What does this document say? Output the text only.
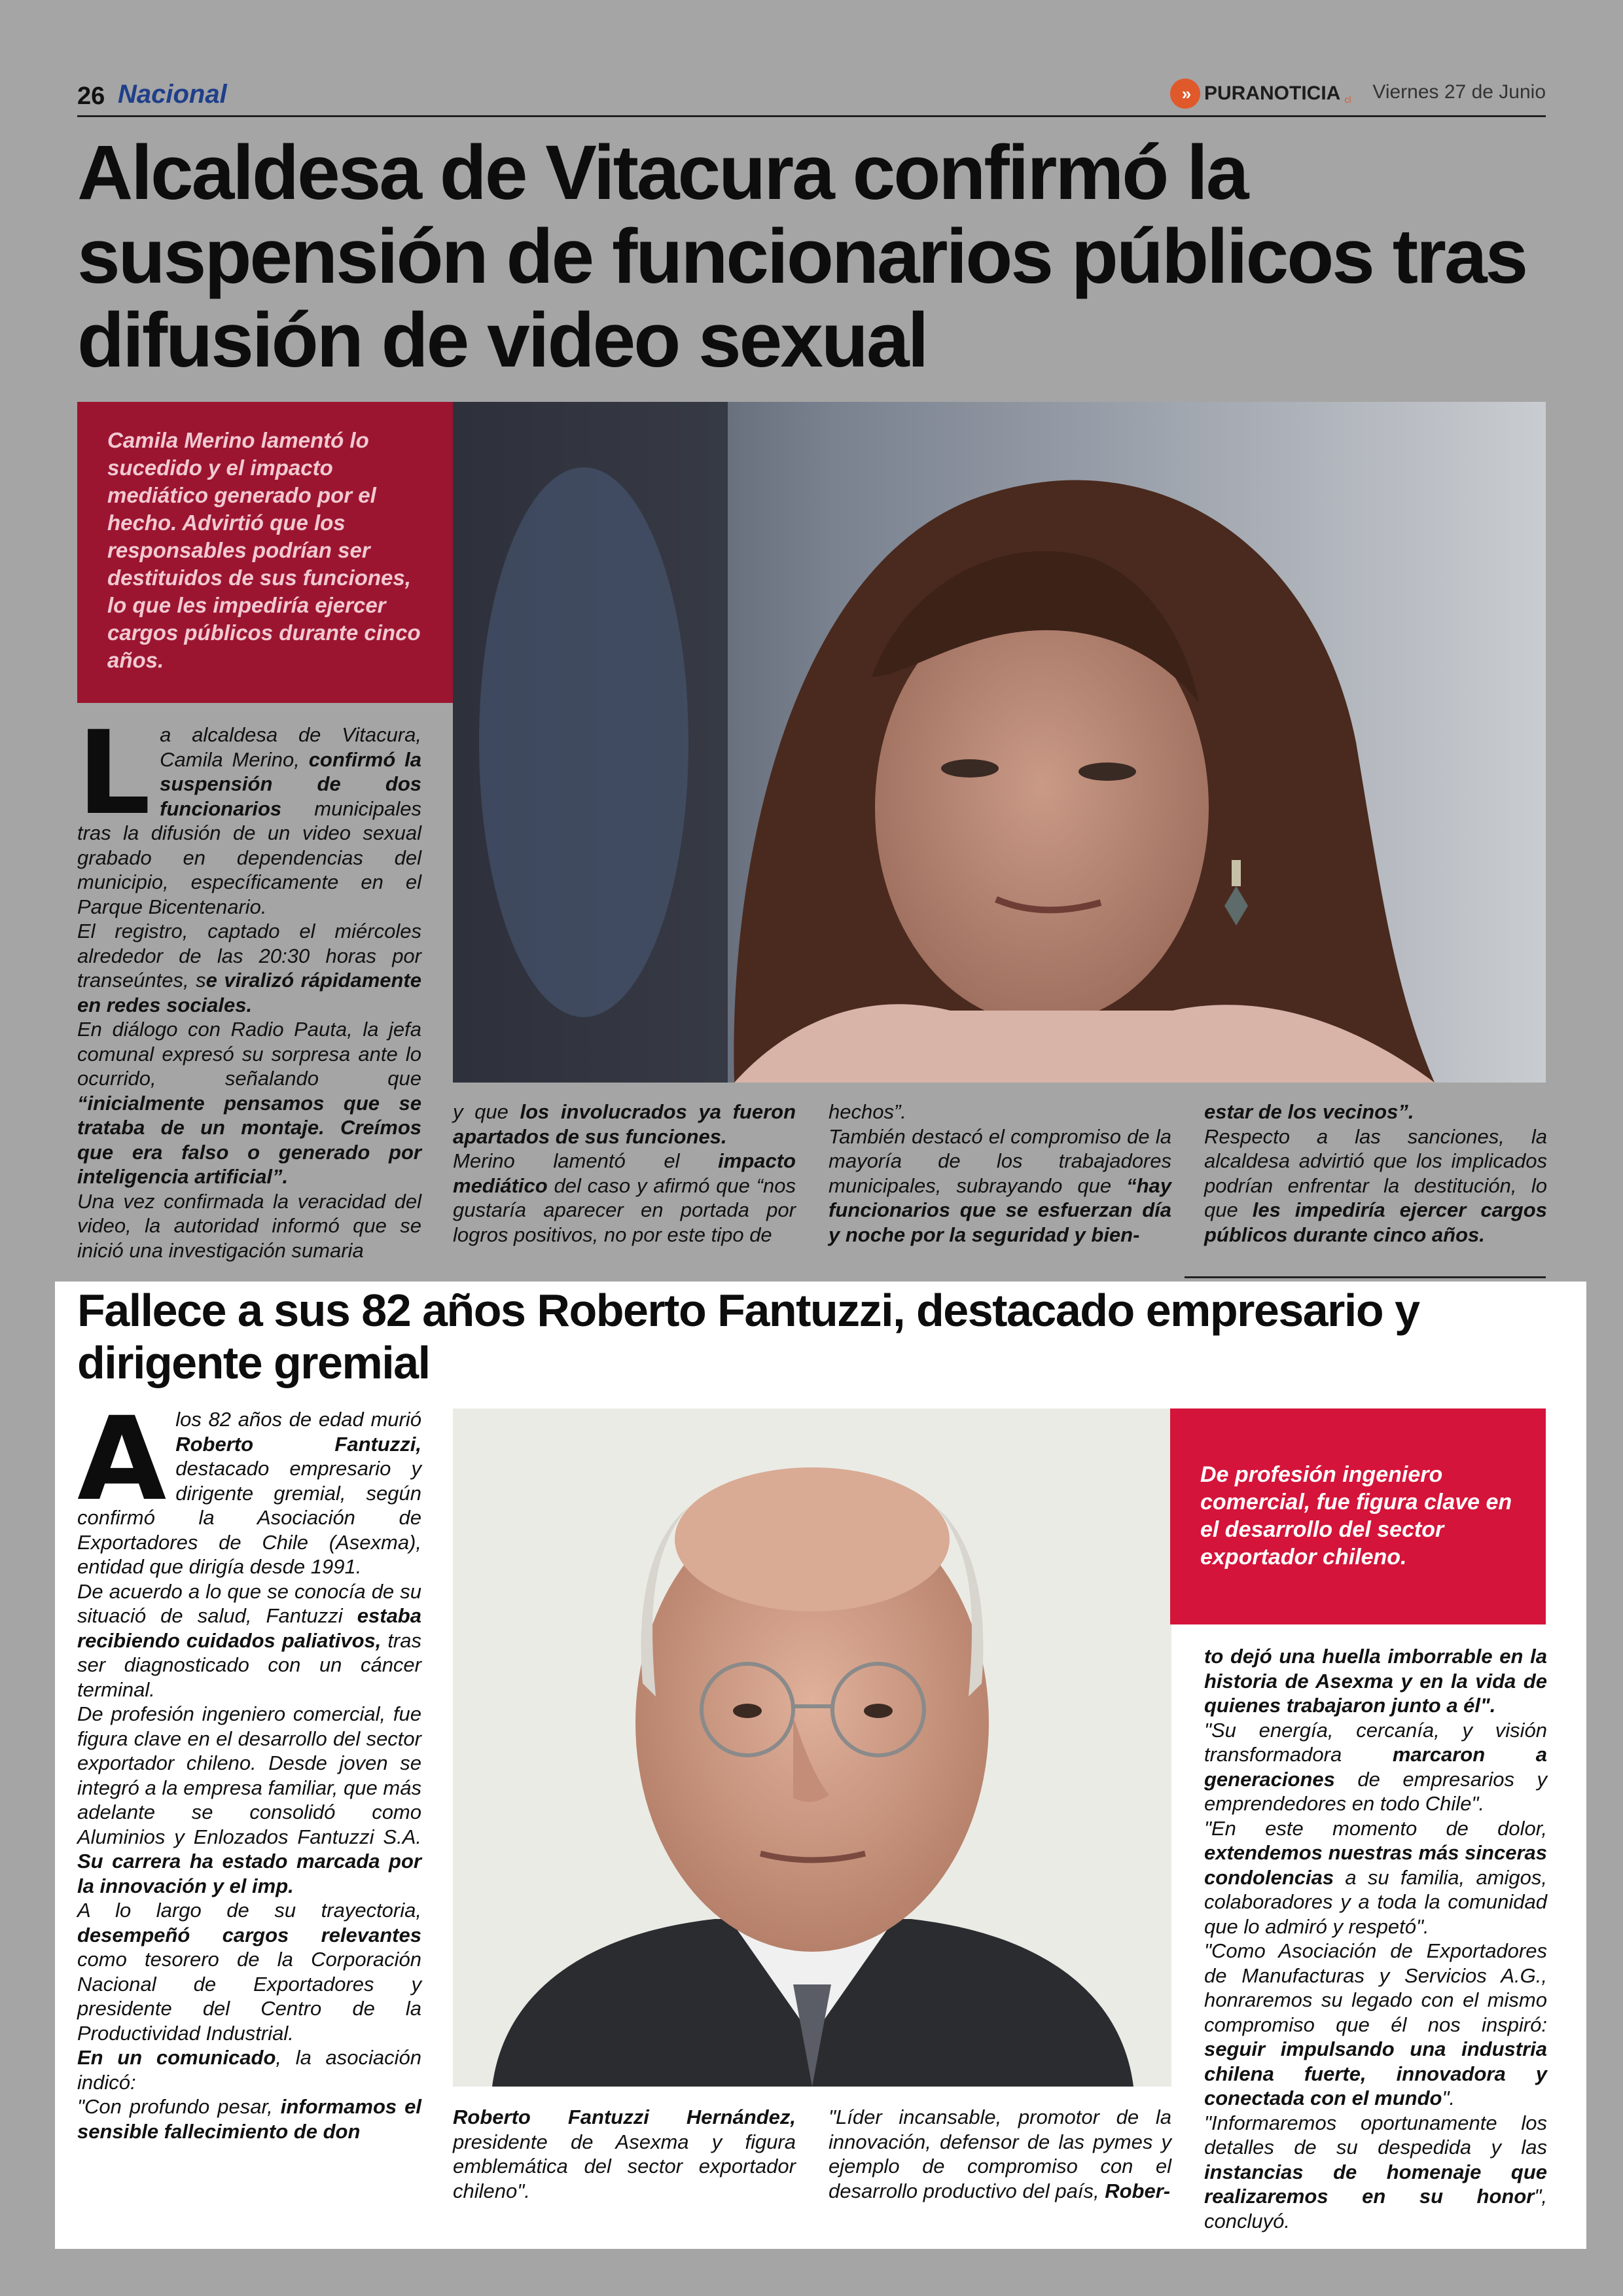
26 Nacional	» PURANOTICIA cl Viernes 27 de Junio
Alcaldesa de Vitacura confirmó la suspensión de funcionarios públicos tras difusión de video sexual

Camila Merino lamentó lo sucedido y el impacto mediático generado por el hecho. Advirtió que los responsables podrían ser destituidos de sus funciones, lo que les impediría ejercer cargos públicos durante cinco años.

L a alcaldesa de Vitacura, Camila Merino, confirmó la suspensión de dos funcionarios municipales tras la difusión de un video sexual grabado en dependencias del municipio, específicamente en el Parque Bicentenario.

El registro, captado el miércoles alrededor de las 20:30 horas por transeúntes, se viralizó rápidamente en redes sociales.

En diálogo con Radio Pauta, la jefa comunal expresó su sorpresa ante lo ocurrido, señalando que “inicialmente pensamos que se trataba de un montaje. Creímos que era falso o generado por inteligencia artificial”.

Una vez confirmada la veracidad del video, la autoridad informó que se inició una investigación sumaria

y que los involucrados ya fueron apartados de sus funciones.

Merino lamentó el impacto mediático del caso y afirmó que “nos gustaría aparecer en portada por logros positivos, no por este tipo de

hechos”.

También destacó el compromiso de la mayoría de los trabajadores municipales, subrayando que “hay funcionarios que se esfuerzan día y noche por la seguridad y bien-

estar de los vecinos”.

Respecto a las sanciones, la alcaldesa advirtió que los implicados podrían enfrentar la destitución, lo que les impediría ejercer cargos públicos durante cinco años.

Fallece a sus 82 años Roberto Fantuzzi, destacado empresario y dirigente gremial
A los 82 años de edad murió Roberto Fantuzzi, destacado empresario y dirigente gremial, según confirmó la Asociación de Exportadores de Chile (Asexma), entidad que dirigía desde 1991.

De acuerdo a lo que se conocía de su situació de salud, Fantuzzi estaba recibiendo cuidados paliativos, tras ser diagnosticado con un cáncer terminal.

De profesión ingeniero comercial, fue figura clave en el desarrollo del sector exportador chileno. Desde joven se integró a la empresa familiar, que más adelante se consolidó como Aluminios y Enlozados Fantuzzi S.A. Su carrera ha estado marcada por la innovación y el imp.

A lo largo de su trayectoria, desempeñó cargos relevantes como tesorero de la Corporación Nacional de Exportadores y presidente del Centro de la Productividad Industrial.

En un comunicado, la asociación indicó:

"Con profundo pesar, informamos el sensible fallecimiento de don

De profesión ingeniero comercial, fue figura clave en el desarrollo del sector exportador chileno.

Roberto Fantuzzi Hernández, presidente de Asexma y figura emblemática del sector exportador chileno".

"Líder incansable, promotor de la innovación, defensor de las pymes y ejemplo de compromiso con el desarrollo productivo del país, Rober-

to dejó una huella imborrable en la historia de Asexma y en la vida de quienes trabajaron junto a él".

"Su energía, cercanía, y visión transformadora marcaron a generaciones de empresarios y emprendedores en todo Chile".

"En este momento de dolor, extendemos nuestras más sinceras condolencias a su familia, amigos, colaboradores y a toda la comunidad que lo admiró y respetó".

"Como Asociación de Exportadores de Manufacturas y Servicios A.G., honraremos su legado con el mismo compromiso que él nos inspiró: seguir impulsando una industria chilena fuerte, innovadora y conectada con el mundo".

"Informaremos oportunamente los detalles de su despedida y las instancias de homenaje que realizaremos en su honor", concluyó.
